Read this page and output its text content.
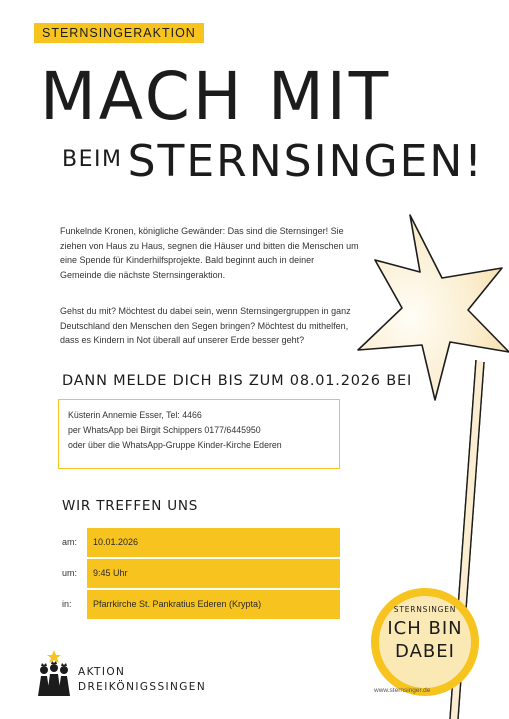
STERNSINGERAKTION
MACH MIT
BEIM STERNSINGEN!
Funkelnde Kronen, königliche Gewänder: Das sind die Sternsinger! Sie
ziehen von Haus zu Haus, segnen die Häuser und bitten die Menschen um
eine Spende für Kinderhilfsprojekte. Bald beginnt auch in deiner
Gemeinde die nächste Sternsingeraktion.
Gehst du mit? Möchtest du dabei sein, wenn Sternsingergruppen in ganz
Deutschland den Menschen den Segen bringen? Möchtest du mithelfen,
dass es Kindern in Not überall auf unserer Erde besser geht?
DANN MELDE DICH BIS ZUM 08.01.2026 BEI
Küsterin Annemie Esser, Tel: 4466
per WhatsApp bei Birgit Schippers 0177/6445950
oder über die WhatsApp-Gruppe Kinder-Kirche Ederen
WIR TREFFEN UNS
am:	10.01.2026
um:	9:45 Uhr
in:	Pfarrkirche St. Pankratius Ederen (Krypta)
AKTION
DREIKÖNIGSSINGEN
STERNSINGEN
ICH BIN
DABEI
www.sternsinger.de
